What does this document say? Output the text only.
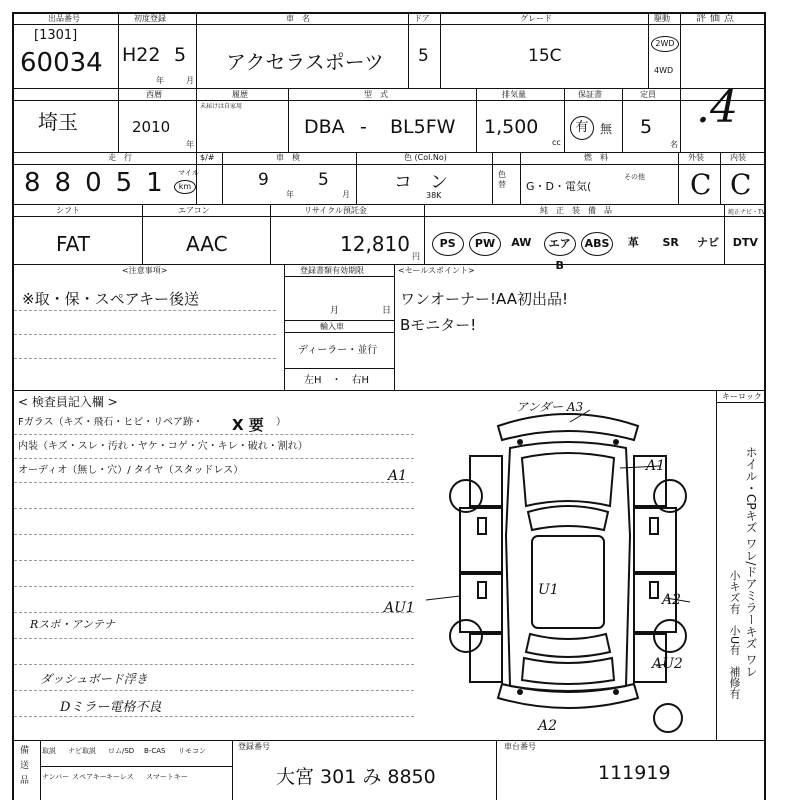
出品番号
[1301]
60034
初度登録
H22 5
年	月
車　名
アクセラスポーツ
ドア
5
グレード
15C
駆動
2WD
4WD
評価点
.4
埼玉
西暦
2010
年
履歴
未届けは自家用
型　式
DBA - BL5FW
排気量
1,500
cc
保証書
有 無
定員
5
名
走　行
88051 マイル
km
$/#	車　検
9
年
5
月
色 (Col.No)
コン
38K
色替
燃　料
G・D・電気(
その他
外装
C
内装
C
シフト
FAT
エアコン
AAC
リサイクル預託金
12,810
円
純　正　装　備　品	純正ナビ・TV
PS	PW	AW	エアB
ABS	革	SR	ナビ	DTV
<注意事項>
※取・保・スペアキー後送
登録書類有効期限
月	日
輸入車
ディーラー・並行
左H　・　右H
<セールスポイント>
ワンオーナー!AA初出品!
Bモニター!
< 検査員記入欄 >
Fガラス（キズ・飛石・ヒビ・リペア跡・ X 要 ）
内装（キズ・スレ・汚れ・ヤケ・コゲ・穴・キレ・破れ・割れ）
オーディオ（無し・穴）/ タイヤ（スタッドレス）
Rスポ・アンテナ
ダッシュボード浮き
Dミラー電格不良
アンダー A3
A1
A1
AU1
U1
A2
AU2
A2
キーロック
ホイル・CPキズ ワレ/ドアミラーキズ ワレ
小キズ有　小U有　補修有
備送品
取説 ナビ取説 ロム/SD B-CAS リモコン
ナンバー スペアキー キーレス スマートキー
登録番号
大宮 301 み 8850
車台番号
111919
